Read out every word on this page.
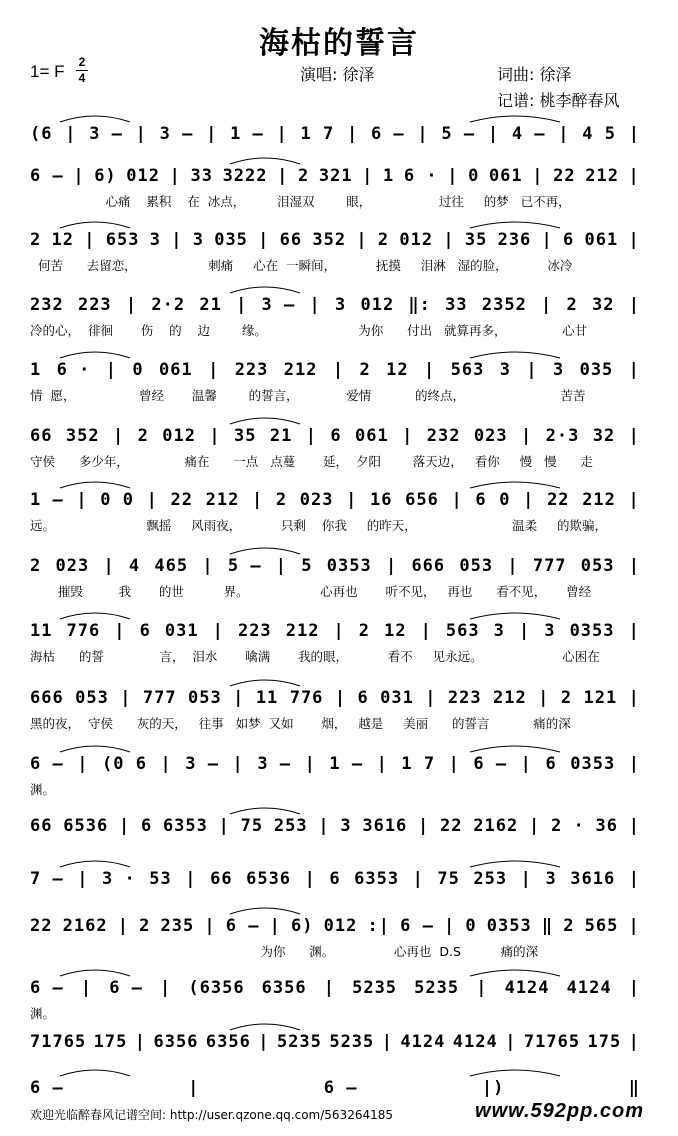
海枯的誓言
1= F 2
4	演唱: 徐泽	词曲: 徐泽
记谱: 桃李醉春风
(6 | 3 – | 3 – | 1 – | 1 7 | 6 – | 5 – | 4 – | 4 5 |
6 – | 6) 012 | 33 3222 | 2 321 | 1 6 · | 0 061 | 22 212 |
心痛    累积    在  冰点，        泪湿双        眼，                 过往     的梦   已不再，
2 12 | 653 3 | 3 035 | 66 352 | 2 012 | 35 236 | 6 061 |
何苦      去留恋，                  刺痛     心在  一瞬间，          抚摸     泪淋   湿的脸，          冰冷
232 223 | 2·2 21 | 3 – | 3 012 ‖: 33 2352 | 2 32 |
冷的心，  徘徊       伤    的    边        缘。                       为你      付出   就算再多，              心甘
1 6 · | 0 061 | 223 212 | 2 12 | 563 3 | 3 035 |
情  愿，                曾经       温馨        的誓言，            爱情           的终点，                        苦苦
66 352 | 2 012 | 35 21 | 6 061 | 232 023 | 2·3 32 |
守侯      多少年，              痛在      一点   点蔓       延，  夕阳        落天边，   看你     慢   慢      走
1 – | 0 0 | 22 212 | 2 023 | 16 656 | 6 0 | 22 212 |
远。                       飘摇     风雨夜，          只剩    你我     的昨天，                        温柔     的欺骗，
2 023 | 4 465 | 5 – | 5 0353 | 666 053 | 777 053 |
摧毁         我       的世          界。                  心再也       听不见，   再也      看不见，     曾经
11 776 | 6 031 | 223 212 | 2 12 | 563 3 | 3 0353 |
海枯      的誓              言，  泪水       噙满       我的眼，          看不     见永远。                    心困在
666 053 | 777 053 | 11 776 | 6 031 | 223 212 | 2 121 |
黑的夜，  守侯      灰的天，   往事   如梦  又如       烟，   越是     美丽      的誓言           痛的深
6 – | (0 6 | 3 – | 3 – | 1 – | 1 7 | 6 – | 6 0353 |
渊。
66 6536 | 6 6353 | 75 253 | 3 3616 | 22 2162 | 2 · 36 |
7 – | 3 · 53 | 66 6536 | 6 6353 | 75 253 | 3 3616 |
22 2162 | 2 235 | 6 – | 6) 012 :| 6 – | 0 0353 ‖ 2 565 |
为你      渊。               心再也  D.S          痛的深
6 – | 6 – | (6356 6356 | 5235 5235 | 4124 4124 |
渊。
71765 175 | 6356 6356 | 5235 5235 | 4124 4124 | 71765 175 |
6 –	|	6 –	|)	‖
欢迎光临醉春风记谱空间: http://user.qzone.qq.com/563264185	www.592pp.com
